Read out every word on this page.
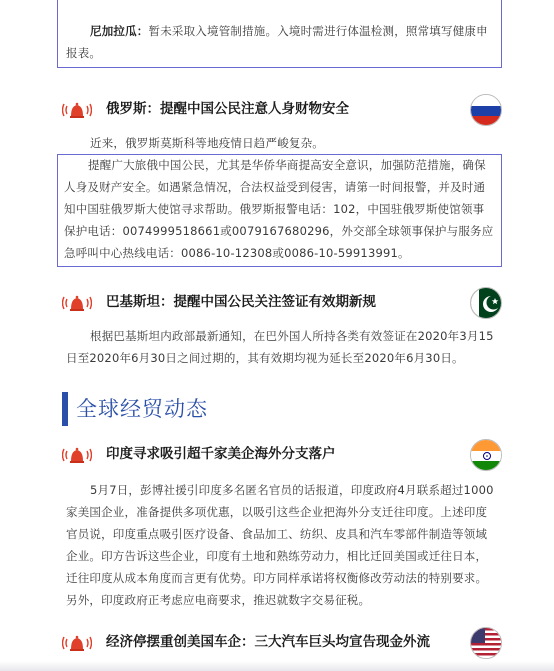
尼加拉瓜：暂未采取入境管制措施。入境时需进行体温检测，照常填写健康申报表。
俄罗斯：提醒中国公民注意人身财物安全
近来，俄罗斯莫斯科等地疫情日趋严峻复杂。
提醒广大旅俄中国公民，尤其是华侨华商提高安全意识，加强防范措施，确保人身及财产安全。如遇紧急情况，合法权益受到侵害，请第一时间报警，并及时通知中国驻俄罗斯大使馆寻求帮助。俄罗斯报警电话：102，中国驻俄罗斯使馆领事保护电话：0074999518661或0079167680296，外交部全球领事保护与服务应急呼叫中心热线电话：0086-10-12308或0086-10-59913991。
巴基斯坦：提醒中国公民关注签证有效期新规
根据巴基斯坦内政部最新通知，在巴外国人所持各类有效签证在2020年3月15日至2020年6月30日之间过期的，其有效期均视为延长至2020年6月30日。
全球经贸动态
印度寻求吸引超千家美企海外分支落户
5月7日，彭博社援引印度多名匿名官员的话报道，印度政府4月联系超过1000家美国企业，准备提供多项优惠，以吸引这些企业把海外分支迁往印度。上述印度官员说，印度重点吸引医疗设备、食品加工、纺织、皮具和汽车零部件制造等领域企业。印方告诉这些企业，印度有土地和熟练劳动力，相比迁回美国或迁往日本，迁往印度从成本角度而言更有优势。印方同样承诺将权衡修改劳动法的特别要求。另外，印度政府正考虑应电商要求，推迟就数字交易征税。
经济停摆重创美国车企：三大汽车巨头均宣告现金外流
